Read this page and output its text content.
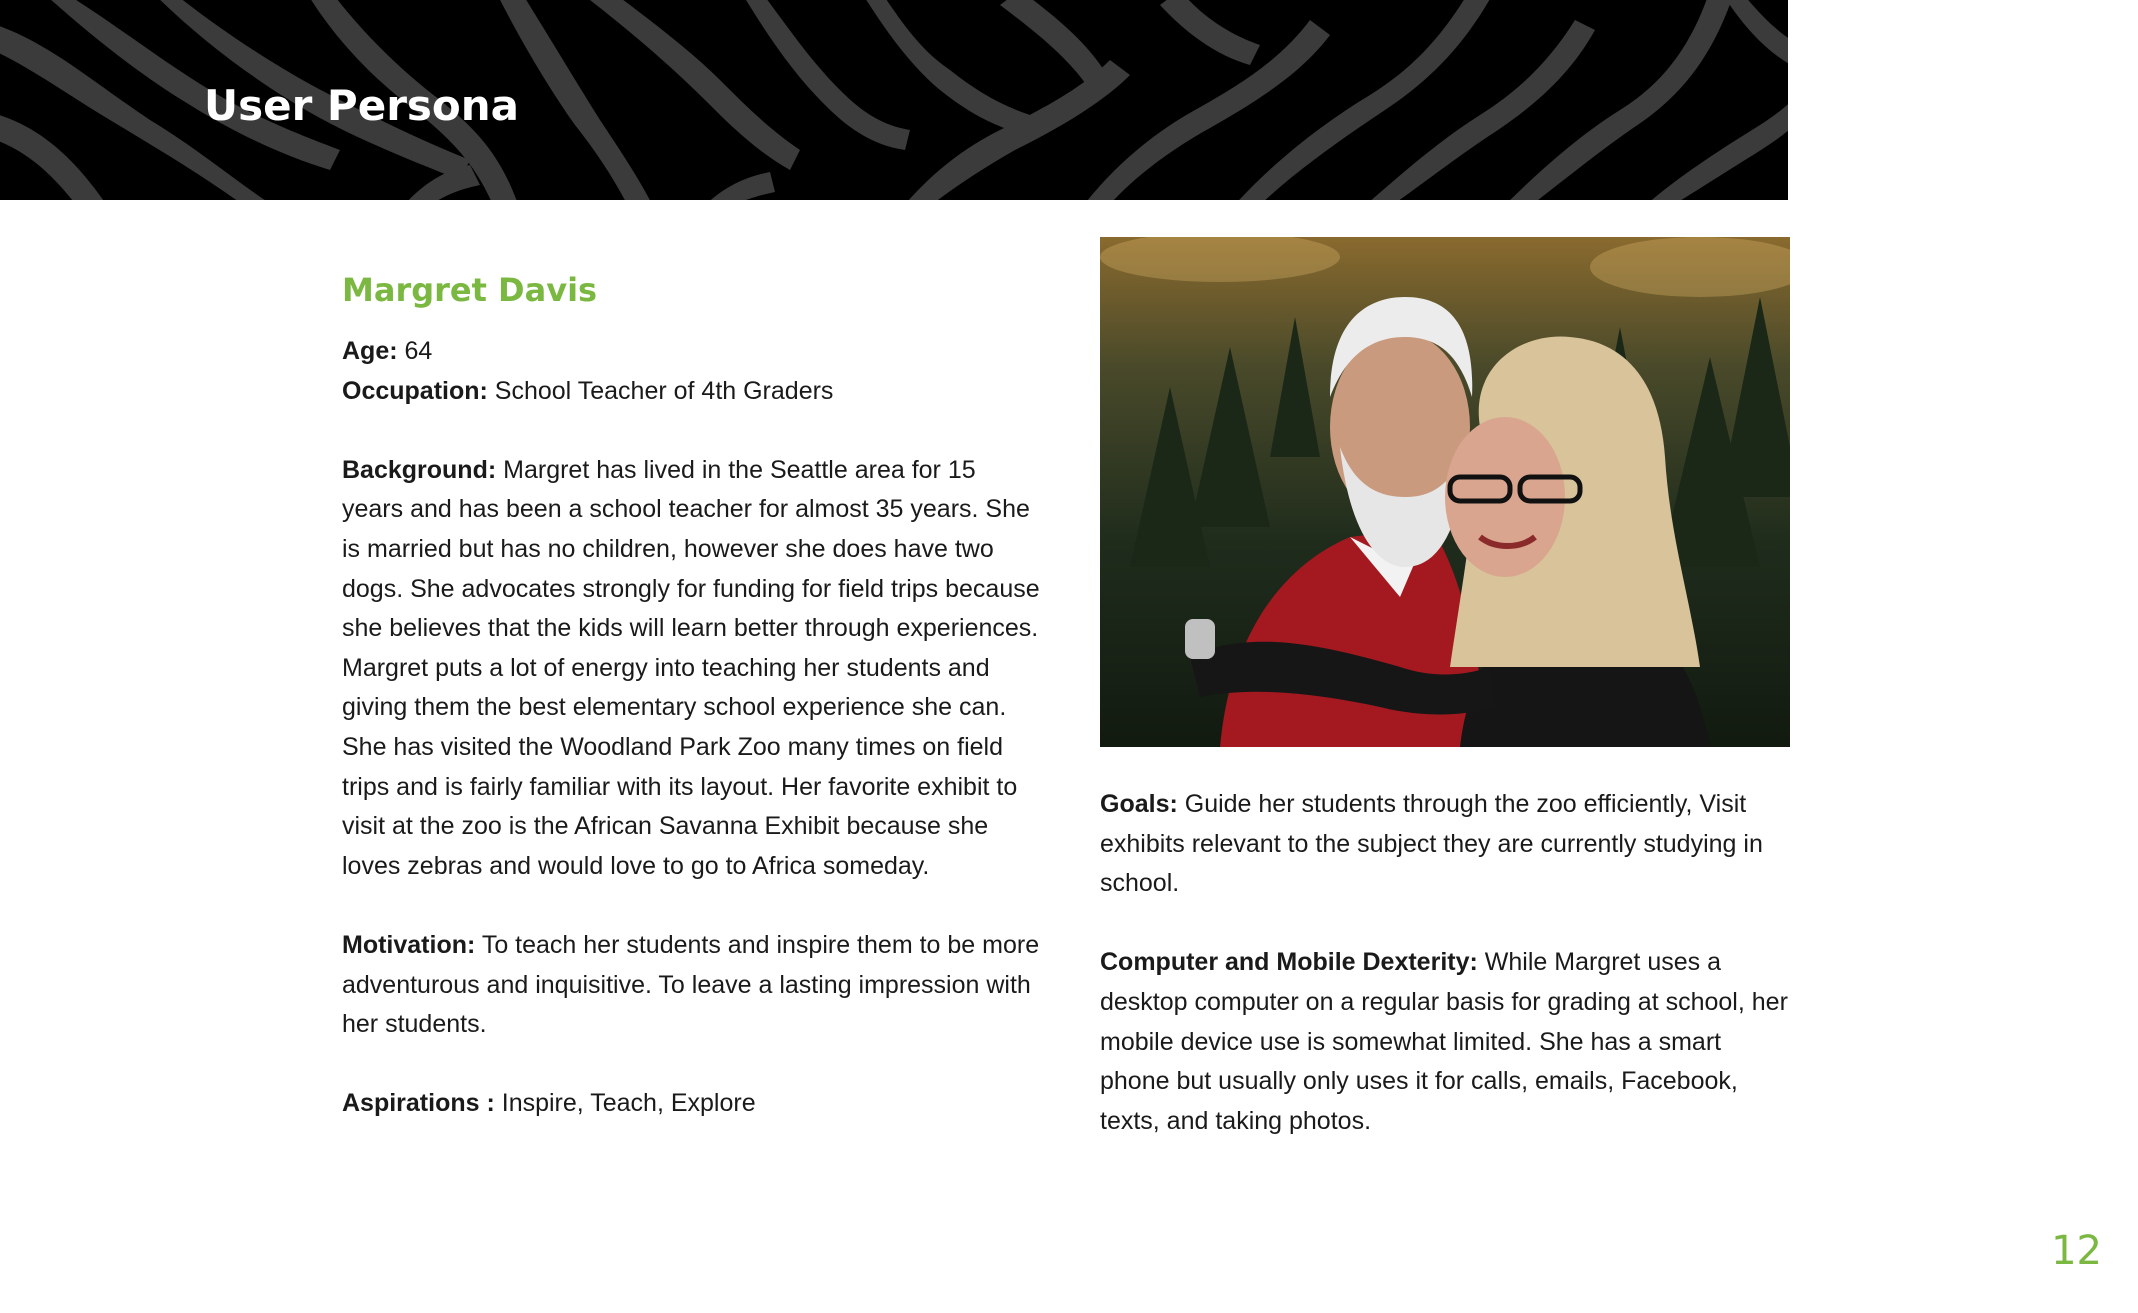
User Persona
Margret Davis

Age: 64

Occupation: School Teacher of 4th Graders

Background: Margret has lived in the Seattle area for 15 years and has been a school teacher for almost 35 years. She is married but has no children, however she does have two dogs. She advocates strongly for funding for field trips because she believes that the kids will learn better through experiences. Margret puts a lot of energy into teaching her students and giving them the best elementary school experience she can. She has visited the Woodland Park Zoo many times on field trips and is fairly familiar with its layout. Her favorite exhibit to visit at the zoo is the African Savanna Exhibit because she loves zebras and would love to go to Africa someday.

Motivation: To teach her students and inspire them to be more adventurous and inquisitive. To leave a lasting impression with her students.

Aspirations : Inspire, Teach, Explore

Goals: Guide her students through the zoo efficiently, Visit exhibits relevant to the subject they are currently studying in school.

Computer and Mobile Dexterity: While Margret uses a desktop computer on a regular basis for grading at school, her mobile device use is somewhat limited. She has a smart phone but usually only uses it for calls, emails, Facebook, texts, and taking photos.

12
